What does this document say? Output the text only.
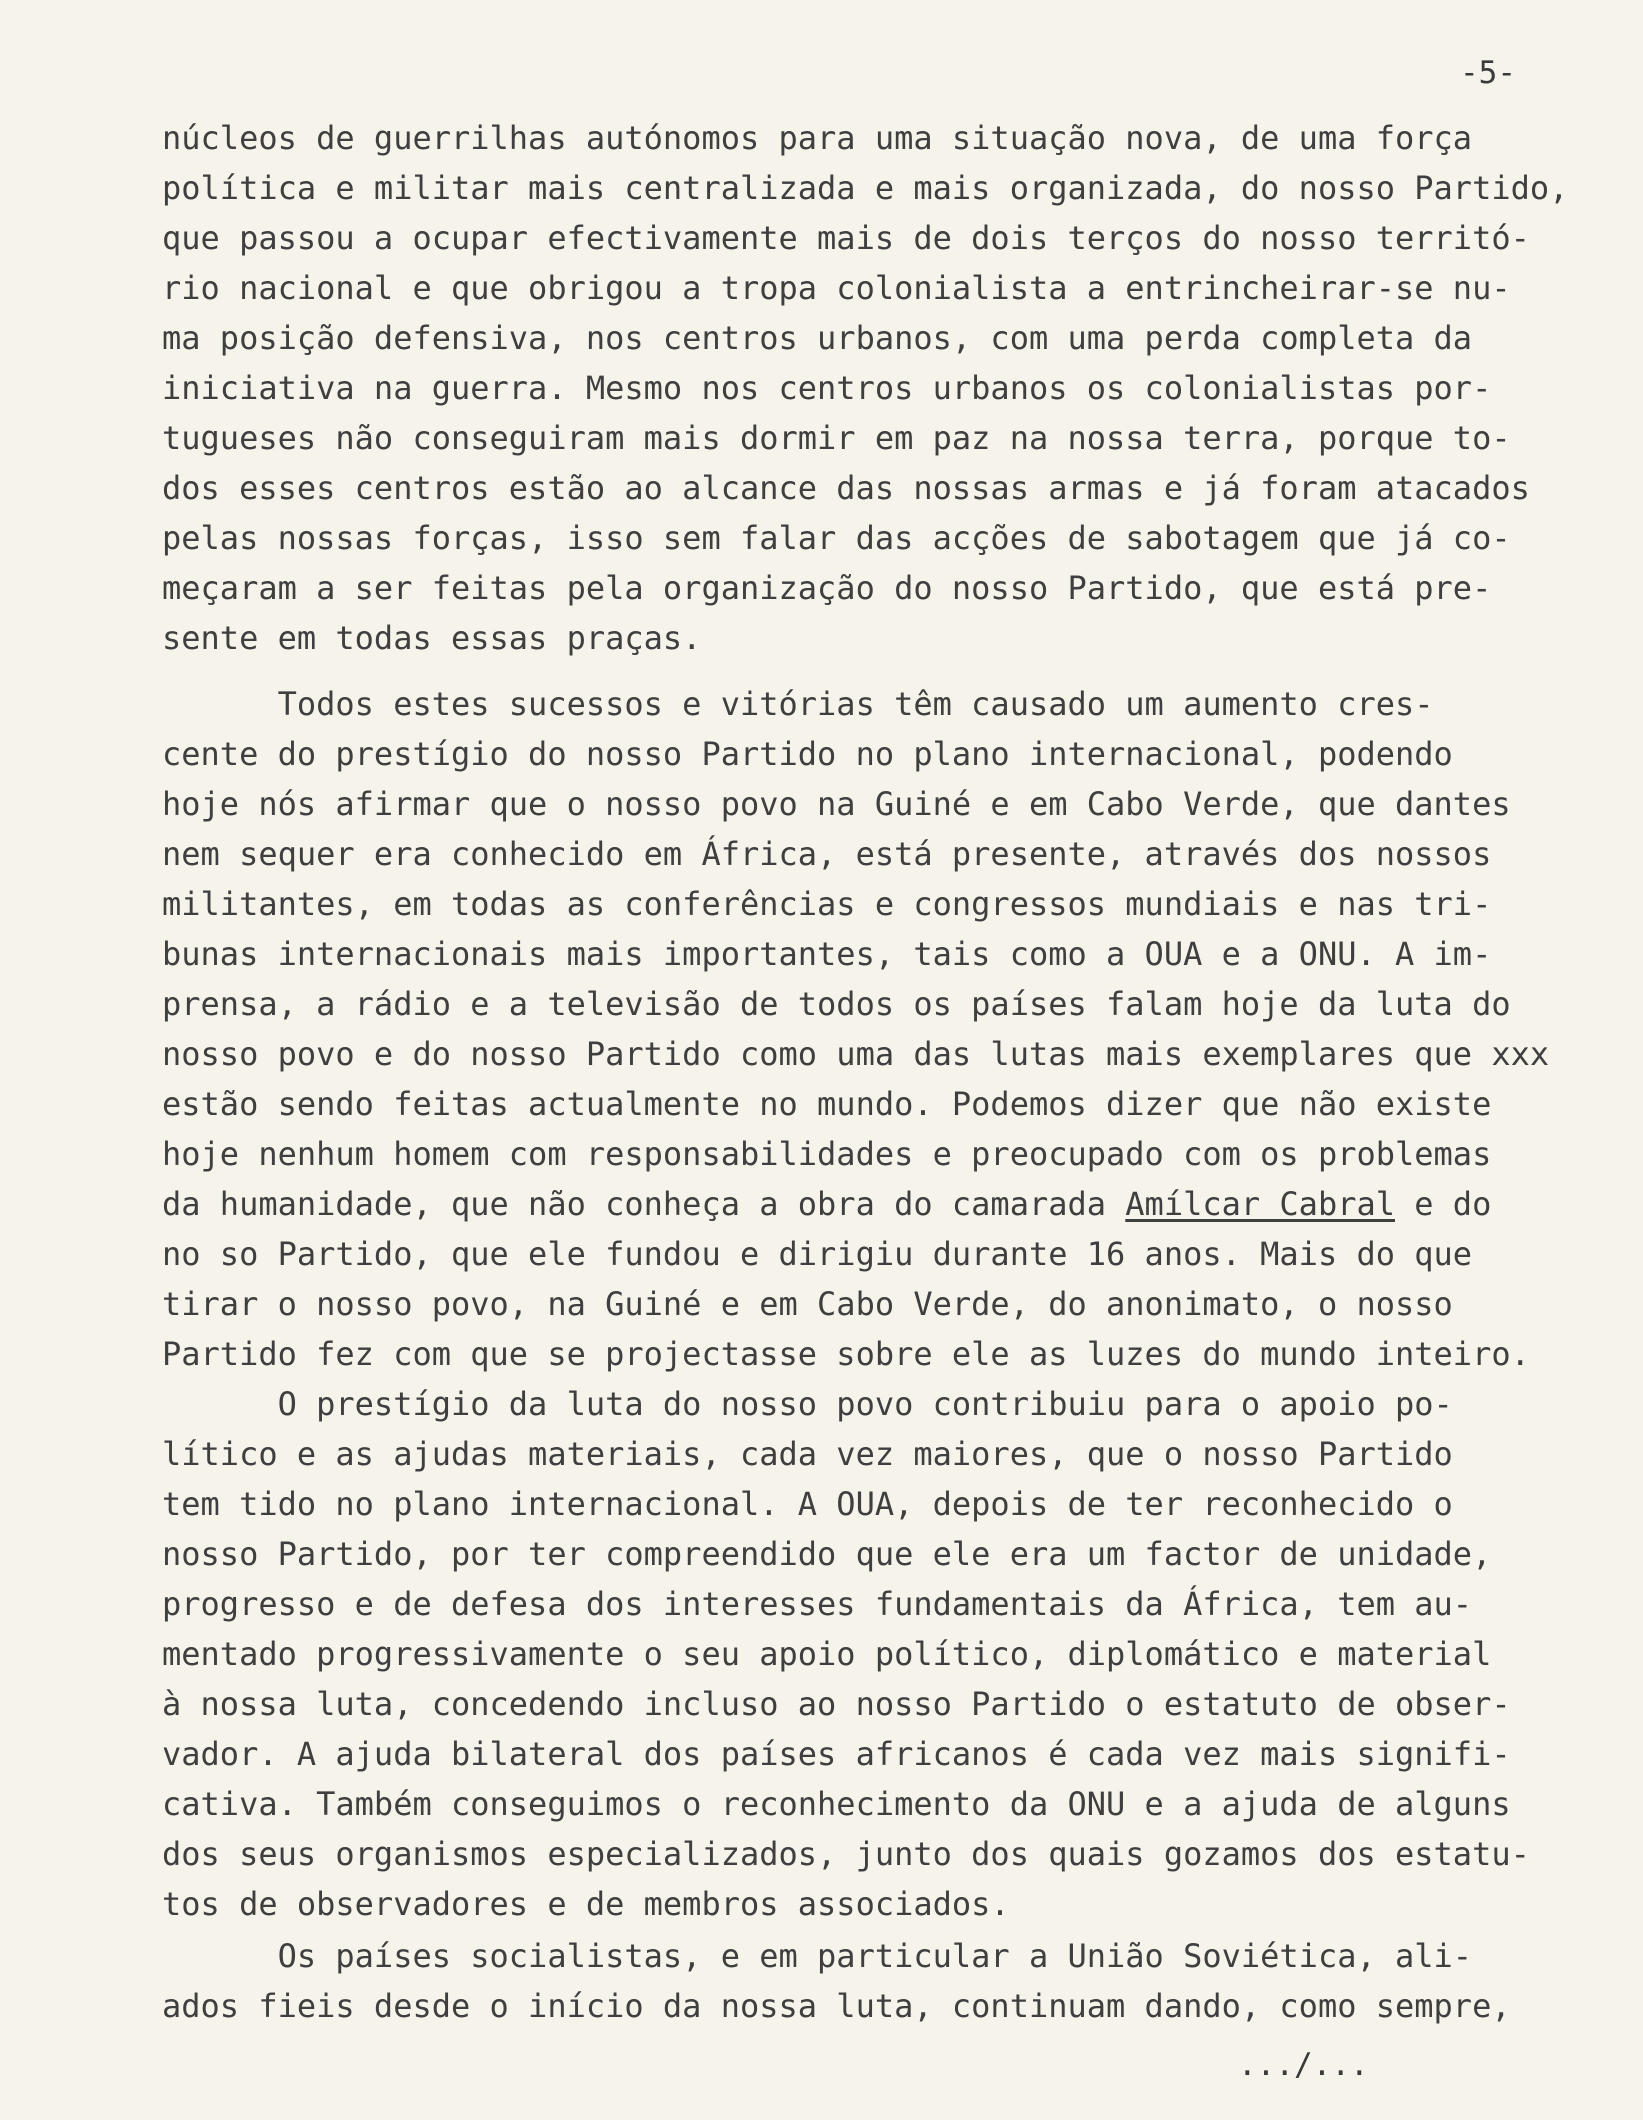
-5-
núcleos de guerrilhas autónomos para uma situação nova, de uma força
política e militar mais centralizada e mais organizada, do nosso Partido,
que passou a ocupar efectivamente mais de dois terços do nosso territó-
rio nacional e que obrigou a tropa colonialista a entrincheirar-se nu-
ma posição defensiva, nos centros urbanos, com uma perda completa da
iniciativa na guerra. Mesmo nos centros urbanos os colonialistas por-
tugueses não conseguiram mais dormir em paz na nossa terra, porque to-
dos esses centros estão ao alcance das nossas armas e já foram atacados
pelas nossas forças, isso sem falar das acções de sabotagem que já co-
meçaram a ser feitas pela organização do nosso Partido, que está pre-
sente em todas essas praças.
Todos estes sucessos e vitórias têm causado um aumento cres-
cente do prestígio do nosso Partido no plano internacional, podendo
hoje nós afirmar que o nosso povo na Guiné e em Cabo Verde, que dantes
nem sequer era conhecido em África, está presente, através dos nossos
militantes, em todas as conferências e congressos mundiais e nas tri-
bunas internacionais mais importantes, tais como a OUA e a ONU. A im-
prensa, a rádio e a televisão de todos os países falam hoje da luta do
nosso povo e do nosso Partido como uma das lutas mais exemplares que xxx
estão sendo feitas actualmente no mundo. Podemos dizer que não existe
hoje nenhum homem com responsabilidades e preocupado com os problemas
da humanidade, que não conheça a obra do camarada Amílcar Cabral e do
no so Partido, que ele fundou e dirigiu durante 16 anos. Mais do que
tirar o nosso povo, na Guiné e em Cabo Verde, do anonimato, o nosso
Partido fez com que se projectasse sobre ele as luzes do mundo inteiro.
O prestígio da luta do nosso povo contribuiu para o apoio po-
lítico e as ajudas materiais, cada vez maiores, que o nosso Partido
tem tido no plano internacional. A OUA, depois de ter reconhecido o
nosso Partido, por ter compreendido que ele era um factor de unidade,
progresso e de defesa dos interesses fundamentais da África, tem au-
mentado progressivamente o seu apoio político, diplomático e material
à nossa luta, concedendo incluso ao nosso Partido o estatuto de obser-
vador. A ajuda bilateral dos países africanos é cada vez mais signifi-
cativa. Também conseguimos o reconhecimento da ONU e a ajuda de alguns
dos seus organismos especializados, junto dos quais gozamos dos estatu-
tos de observadores e de membros associados.
Os países socialistas, e em particular a União Soviética, ali-
ados fieis desde o início da nossa luta, continuam dando, como sempre,
.../...
